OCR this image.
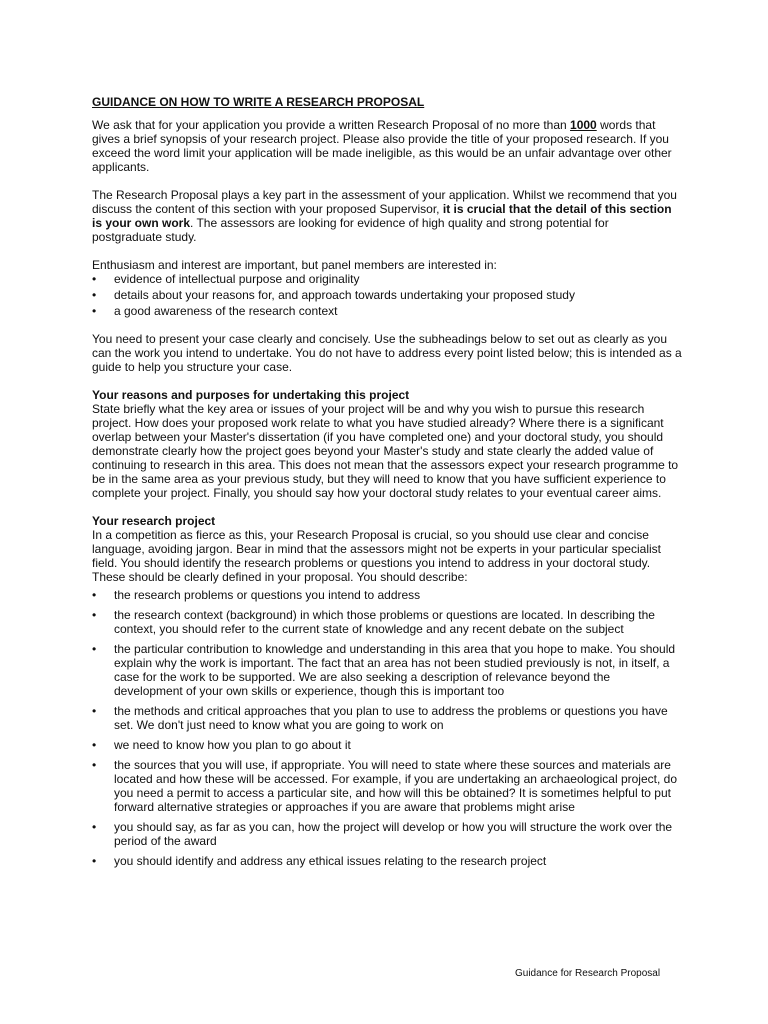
GUIDANCE ON HOW TO WRITE A RESEARCH PROPOSAL

We ask that for your application you provide a written Research Proposal of no more than 1000 words that gives a brief synopsis of your research project. Please also provide the title of your proposed research. If you exceed the word limit your application will be made ineligible, as this would be an unfair advantage over other applicants.

The Research Proposal plays a key part in the assessment of your application. Whilst we recommend that you discuss the content of this section with your proposed Supervisor, it is crucial that the detail of this section is your own work. The assessors are looking for evidence of high quality and strong potential for postgraduate study.

Enthusiasm and interest are important, but panel members are interested in:
•	evidence of intellectual purpose and originality
•	details about your reasons for, and approach towards undertaking your proposed study
•	a good awareness of the research context

You need to present your case clearly and concisely. Use the subheadings below to set out as clearly as you can the work you intend to undertake. You do not have to address every point listed below; this is intended as a guide to help you structure your case.

Your reasons and purposes for undertaking this project
State briefly what the key area or issues of your project will be and why you wish to pursue this research project. How does your proposed work relate to what you have studied already? Where there is a significant overlap between your Master's dissertation (if you have completed one) and your doctoral study, you should demonstrate clearly how the project goes beyond your Master's study and state clearly the added value of continuing to research in this area. This does not mean that the assessors expect your research programme to be in the same area as your previous study, but they will need to know that you have sufficient experience to complete your project. Finally, you should say how your doctoral study relates to your eventual career aims.
Your research project
In a competition as fierce as this, your Research Proposal is crucial, so you should use clear and concise language, avoiding jargon. Bear in mind that the assessors might not be experts in your particular specialist field. You should identify the research problems or questions you intend to address in your doctoral study. These should be clearly defined in your proposal. You should describe:
•	the research problems or questions you intend to address
•	the research context (background) in which those problems or questions are located. In describing the context, you should refer to the current state of knowledge and any recent debate on the subject
•	the particular contribution to knowledge and understanding in this area that you hope to make. You should explain why the work is important. The fact that an area has not been studied previously is not, in itself, a case for the work to be supported. We are also seeking a description of relevance beyond the development of your own skills or experience, though this is important too
•	the methods and critical approaches that you plan to use to address the problems or questions you have set. We don't just need to know what you are going to work on
•	we need to know how you plan to go about it
•	the sources that you will use, if appropriate. You will need to state where these sources and materials are located and how these will be accessed. For example, if you are undertaking an archaeological project, do you need a permit to access a particular site, and how will this be obtained? It is sometimes helpful to put forward alternative strategies or approaches if you are aware that problems might arise
•	you should say, as far as you can, how the project will develop or how you will structure the work over the period of the award
•	you should identify and address any ethical issues relating to the research project
Guidance for Research Proposal
